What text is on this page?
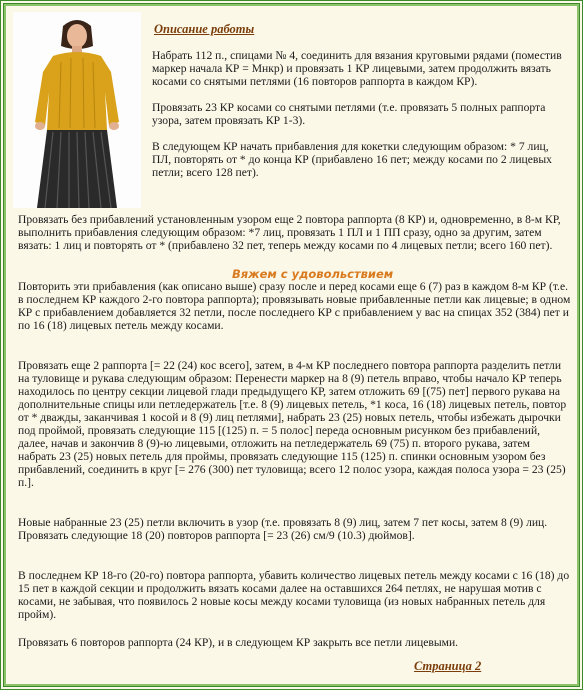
Описание работы

Набрать 112 п., спицами № 4, соединить для вязания круговыми рядами (поместив маркер начала КР = Мнкр) и провязать 1 КР лицевыми, затем продолжить вязать косами со снятыми петлями (16 повторов раппорта в каждом КР).

Провязать 23 КР косами со снятыми петлями (т.е. провязать 5 полных раппорта узора, затем провязать КР 1-3).

В следующем КР начать прибавления для кокетки следующим образом: * 7 лиц, ПЛ, повторять от * до конца КР (прибавлено 16 пет; между косами по 2 лицевых петли; всего 128 пет).

Провязать без прибавлений установленным узором еще 2 повтора раппорта (8 КР) и, одновременно, в 8-м КР, выполнить прибавления следующим образом: *7 лиц, провязать 1 ПЛ и 1 ПП сразу, одно за другим, затем вязать: 1 лиц и повторять от * (прибавлено 32 пет, теперь между косами по 4 лицевых петли; всего 160 пет).
Вяжем с удовольствием
Повторить эти прибавления (как описано выше) сразу после и перед косами еще 6 (7) раз в каждом 8-м КР (т.е. в последнем КР каждого 2-го повтора раппорта); провязывать новые прибавленные петли как лицевые; в одном КР с прибавлением добавляется 32 петли, после последнего КР с прибавлением у вас на спицах 352 (384) пет и по 16 (18) лицевых петель между косами.
Провязать еще 2 раппорта [= 22 (24) кос всего], затем, в 4-м КР последнего повтора раппорта разделить петли на туловище и рукава следующим образом: Перенести маркер на 8 (9) петель вправо, чтобы начало КР теперь находилось по центру секции лицевой глади предыдущего КР, затем отложить 69 [(75) пет] первого рукава на дополнительные спицы или петледержатель [т.е. 8 (9) лицевых петель, *1 коса, 16 (18) лицевых петель, повтор от * дважды, заканчивая 1 косой и 8 (9) лиц петлями], набрать 23 (25) новых петель, чтобы избежать дырочки под проймой, провязать следующие 115 [(125) п. = 5 полос] переда основным рисунком без прибавлений, далее, начав и закончив 8 (9)-ю лицевыми, отложить на петледержатель 69 (75) п. второго рукава, затем набрать 23 (25) новых петель для проймы, провязать следующие 115 (125) п. спинки основным узором без прибавлений, соединить в круг [= 276 (300) пет туловища; всего 12 полос узора, каждая полоса узора = 23 (25) п.].
Новые набранные 23 (25) петли включить в узор (т.е. провязать 8 (9) лиц, затем 7 пет косы, затем 8 (9) лиц. Провязать следующие 18 (20) повторов раппорта [= 23 (26) см/9 (10.3) дюймов].
В последнем КР 18-го (20-го) повтора раппорта, убавить количество лицевых петель между косами с 16 (18) до 15 пет в каждой секции и продолжить вязать косами далее на оставшихся 264 петлях, не нарушая мотив с косами, не забывая, что появилось 2 новые косы между косами туловища (из новых набранных петель для пройм).
Провязать 6 повторов раппорта (24 КР), и в следующем КР закрыть все петли лицевыми.
Страница 2
